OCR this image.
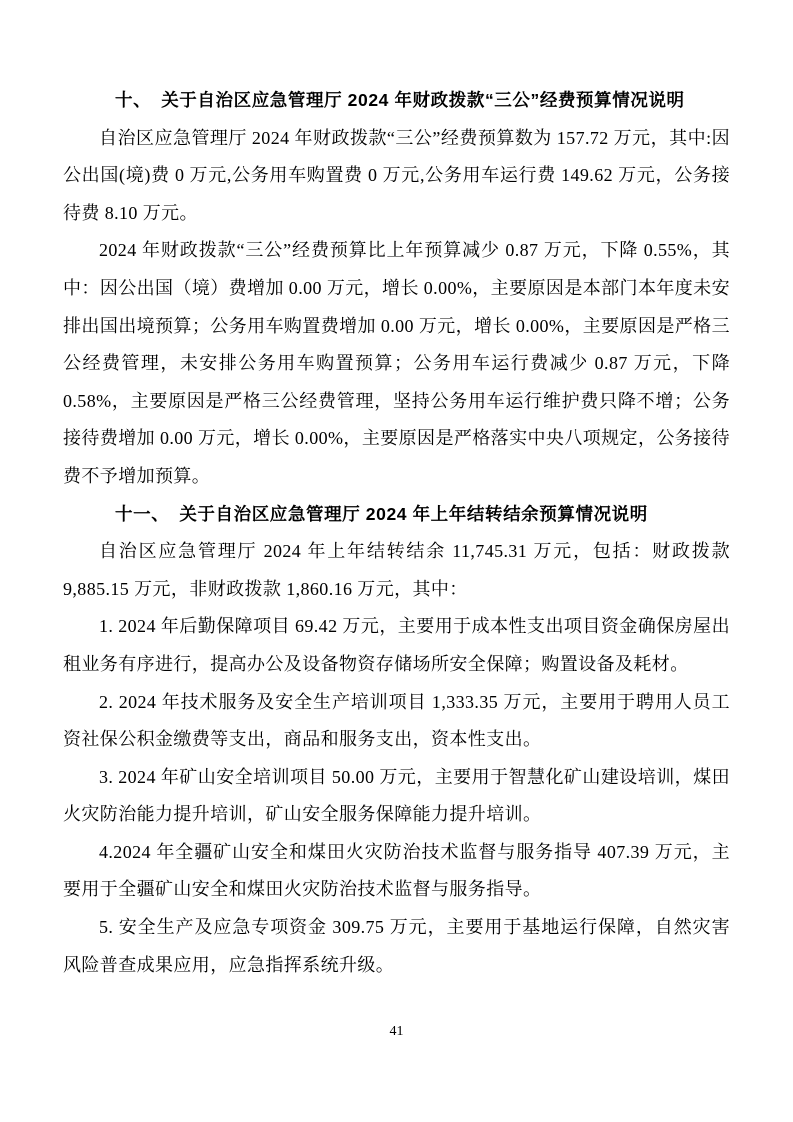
十、 关于自治区应急管理厅 2024 年财政拨款“三公”经费预算情况说明

自治区应急管理厅 2024 年财政拨款“三公”经费预算数为 157.72 万元，其中:因公出国(境)费 0 万元,公务用车购置费 0 万元,公务用车运行费 149.62 万元，公务接待费 8.10 万元。

2024 年财政拨款“三公”经费预算比上年预算减少 0.87 万元，下降 0.55%，其中：因公出国（境）费增加 0.00 万元，增长 0.00%，主要原因是本部门本年度未安排出国出境预算；公务用车购置费增加 0.00 万元，增长 0.00%，主要原因是严格三公经费管理，未安排公务用车购置预算；公务用车运行费减少 0.87 万元，下降 0.58%，主要原因是严格三公经费管理，坚持公务用车运行维护费只降不增；公务接待费增加 0.00 万元，增长 0.00%，主要原因是严格落实中央八项规定，公务接待费不予增加预算。

十一、 关于自治区应急管理厅 2024 年上年结转结余预算情况说明

自治区应急管理厅 2024 年上年结转结余 11,745.31 万元，包括：财政拨款 9,885.15 万元，非财政拨款 1,860.16 万元，其中：

1. 2024 年后勤保障项目 69.42 万元，主要用于成本性支出项目资金确保房屋出租业务有序进行，提高办公及设备物资存储场所安全保障；购置设备及耗材。

2. 2024 年技术服务及安全生产培训项目 1,333.35 万元，主要用于聘用人员工资社保公积金缴费等支出，商品和服务支出，资本性支出。

3. 2024 年矿山安全培训项目 50.00 万元，主要用于智慧化矿山建设培训，煤田火灾防治能力提升培训，矿山安全服务保障能力提升培训。

4.2024 年全疆矿山安全和煤田火灾防治技术监督与服务指导 407.39 万元，主要用于全疆矿山安全和煤田火灾防治技术监督与服务指导。

5. 安全生产及应急专项资金 309.75 万元，主要用于基地运行保障，自然灾害风险普查成果应用，应急指挥系统升级。

41
